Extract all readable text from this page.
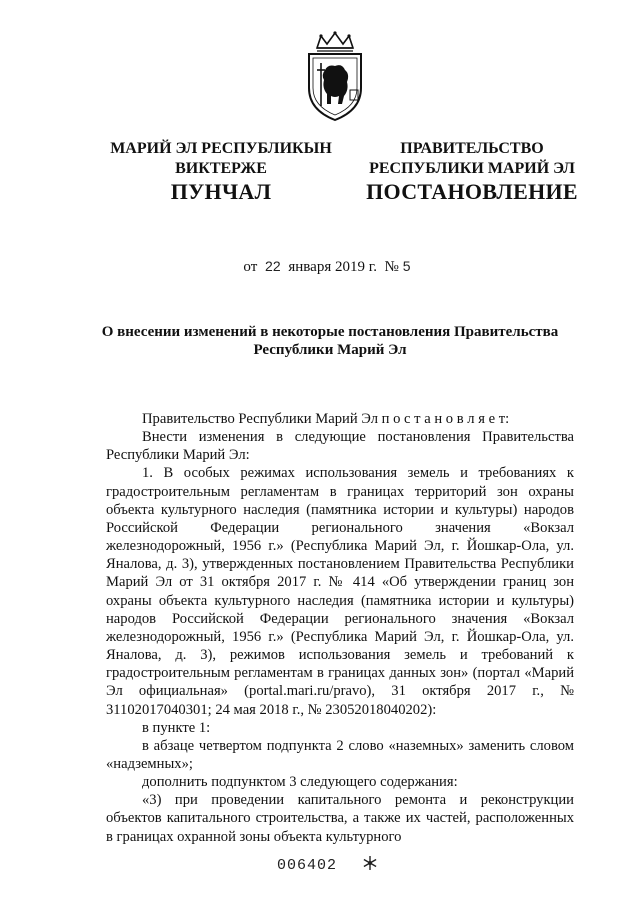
МАРИЙ ЭЛ РЕСПУБЛИКЫН ВИКТЕРЖЕ
ПРАВИТЕЛЬСТВО РЕСПУБЛИКИ МАРИЙ ЭЛ
ПУНЧАЛ	ПОСТАНОВЛЕНИЕ
от 22 января 2019 г. № 5
О внесении изменений в некоторые постановления Правительства Республики Марий Эл

Правительство Республики Марий Эл п о с т а н о в л я е т:

Внести изменения в следующие постановления Правительства Республики Марий Эл:

1. В особых режимах использования земель и требованиях к градостроительным регламентам в границах территорий зон охраны объекта культурного наследия (памятника истории и культуры) народов Российской Федерации регионального значения «Вокзал железнодорожный, 1956 г.» (Республика Марий Эл, г. Йошкар-Ола, ул. Яналова, д. 3), утвержденных постановлением Правительства Республики Марий Эл от 31 октября 2017 г. № 414 «Об утверждении границ зон охраны объекта культурного наследия (памятника истории и культуры) народов Российской Федерации регионального значения «Вокзал железнодорожный, 1956 г.» (Республика Марий Эл, г. Йошкар-Ола, ул. Яналова, д. 3), режимов использования земель и требований к градостроительным регламентам в границах данных зон» (портал «Марий Эл официальная» (portal.mari.ru/pravo), 31 октября 2017 г., № 31102017040301; 24 мая 2018 г., № 23052018040202):

в пункте 1:

в абзаце четвертом подпункта 2 слово «наземных» заменить словом «надземных»;

дополнить подпунктом 3 следующего содержания:

«3) при проведении капитального ремонта и реконструкции объектов капитального строительства, а также их частей, расположенных в границах охранной зоны объекта культурного

006402
